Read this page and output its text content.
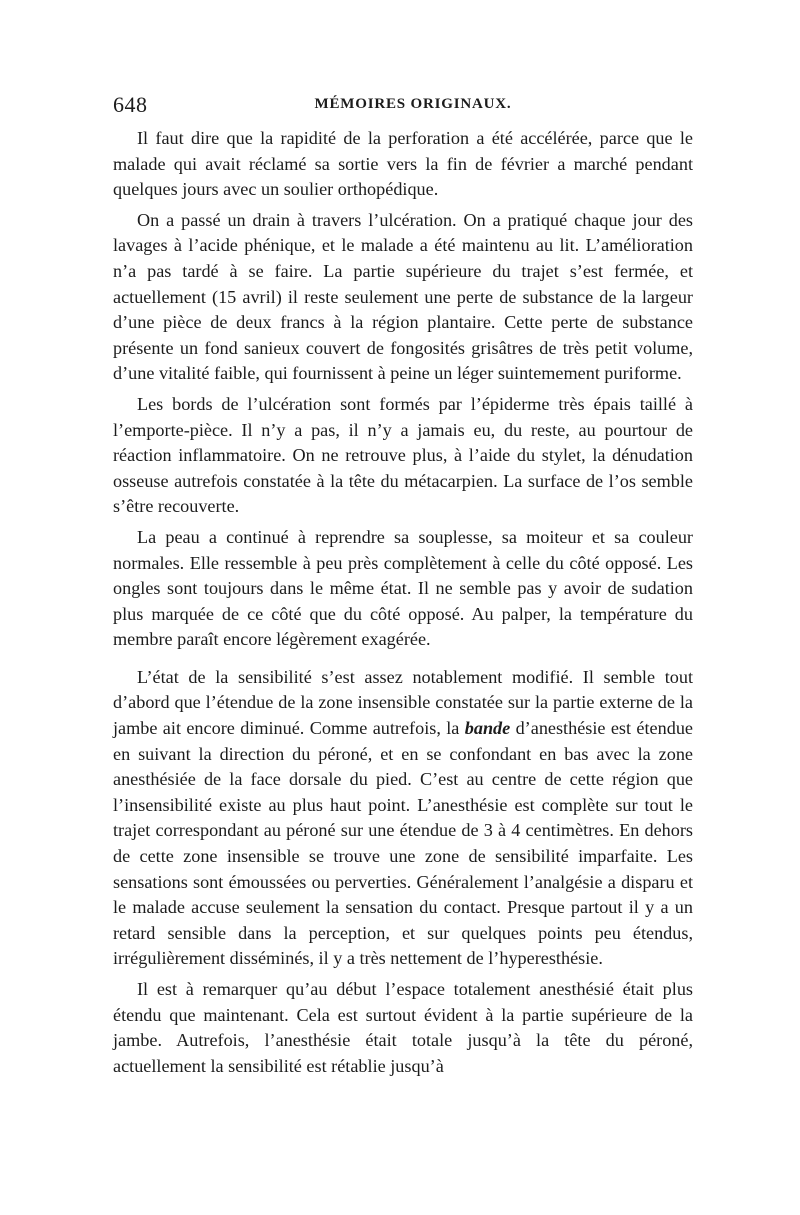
648	MÉMOIRES ORIGINAUX.

Il faut dire que la rapidité de la perforation a été accélérée, parce que le malade qui avait réclamé sa sortie vers la fin de février a marché pendant quelques jours avec un soulier orthopédique.

On a passé un drain à travers l’ulcération. On a pratiqué chaque jour des lavages à l’acide phénique, et le malade a été maintenu au lit. L’amélioration n’a pas tardé à se faire. La partie supérieure du trajet s’est fermée, et actuellement (15 avril) il reste seulement une perte de substance de la largeur d’une pièce de deux francs à la région plantaire. Cette perte de substance présente un fond sanieux couvert de fongosités grisâtres de très petit volume, d’une vitalité faible, qui fournissent à peine un léger suintemement puriforme.

Les bords de l’ulcération sont formés par l’épiderme très épais taillé à l’emporte-pièce. Il n’y a pas, il n’y a jamais eu, du reste, au pourtour de réaction inflammatoire. On ne retrouve plus, à l’aide du stylet, la dénudation osseuse autrefois constatée à la tête du métacarpien. La surface de l’os semble s’être recouverte.

La peau a continué à reprendre sa souplesse, sa moiteur et sa couleur normales. Elle ressemble à peu près complètement à celle du côté opposé. Les ongles sont toujours dans le même état. Il ne semble pas y avoir de sudation plus marquée de ce côté que du côté opposé. Au palper, la température du membre paraît encore légèrement exagérée.

L’état de la sensibilité s’est assez notablement modifié. Il semble tout d’abord que l’étendue de la zone insensible constatée sur la partie externe de la jambe ait encore diminué. Comme autrefois, la bande d’anesthésie est étendue en suivant la direction du péroné, et en se confondant en bas avec la zone anesthésiée de la face dorsale du pied. C’est au centre de cette région que l’insensibilité existe au plus haut point. L’anesthésie est complète sur tout le trajet correspondant au péroné sur une étendue de 3 à 4 centimètres. En dehors de cette zone insensible se trouve une zone de sensibilité imparfaite. Les sensations sont émoussées ou perverties. Généralement l’analgésie a disparu et le malade accuse seulement la sensation du contact. Presque partout il y a un retard sensible dans la perception, et sur quelques points peu étendus, irrégulièrement disséminés, il y a très nettement de l’hyperesthésie.

Il est à remarquer qu’au début l’espace totalement anesthésié était plus étendu que maintenant. Cela est surtout évident à la partie supérieure de la jambe. Autrefois, l’anesthésie était totale jusqu’à la tête du péroné, actuellement la sensibilité est rétablie jusqu’à
